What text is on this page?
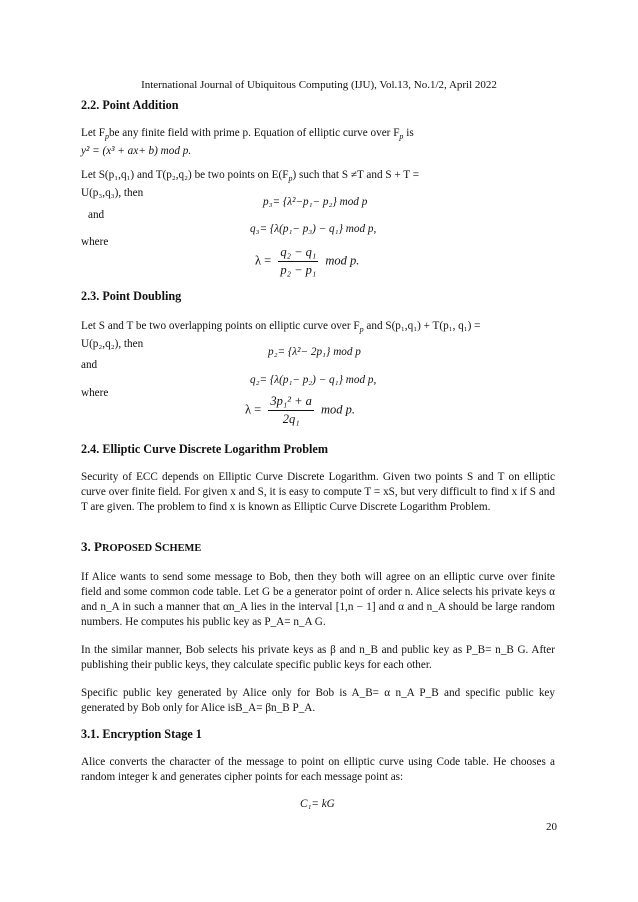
International Journal of Ubiquitous Computing (IJU), Vol.13, No.1/2, April 2022
2.2. Point Addition
Let $F_pbe$ any finite field with prime p. Equation of elliptic curve over $F_p$ is
y² = (x³ + ax+ b) mod p.
Let S(p₁,q₁) and T(p₂,q₂) be two points on $E(F_p)$ such that S ≠T and S + T =
U(p₃,q₃), then
p₃= {λ²−p₁− p₂} mod p
and
q₃= {λ(p₁− p₃) − q₁} mod p,
where
$\lambda = \frac{\text{q₂ − q₁}}{\text{p₂ − p₁}}$ mod p.
2.3. Point Doubling
Let S and T be two overlapping points on elliptic curve over $F_p$ and S(p₁,q₁) + T(p₁, q₁) =
U(p₂,q₂), then
p₂= {λ²− 2p₁} mod p
and
q₂= {λ(p₁− p₂) − q₁} mod p,
where
$\lambda = \frac{\text{3p₁² + a}}{\text{2q₁}}$ mod p.
2.4. Elliptic Curve Discrete Logarithm Problem
Security of ECC depends on Elliptic Curve Discrete Logarithm. Given two points S and T on elliptic curve over finite field. For given x and S, it is easy to compute T = xS, but very difficult to find x if S and T are given. The problem to find x is known as Elliptic Curve Discrete Logarithm Problem.
3. PROPOSED SCHEME
If Alice wants to send some message to Bob, then they both will agree on an elliptic curve over finite field and some common code table. Let G be a generator point of order n. Alice selects his private keys α and n_A in such a manner that αn_A lies in the interval [1,n − 1] and α and n_A should be large random numbers. He computes his public key as P_A= n_A G.
In the similar manner, Bob selects his private keys as β and n_B and public key as P_B= n_B G. After publishing their public keys, they calculate specific public keys for each other.
Specific public key generated by Alice only for Bob is A_B= α n_A P_B and specific public key generated by Bob only for Alice isB_A= βn_B P_A.
3.1. Encryption Stage 1
Alice converts the character of the message to point on elliptic curve using Code table. He chooses a random integer k and generates cipher points for each message point as:
C₁= kG
20
